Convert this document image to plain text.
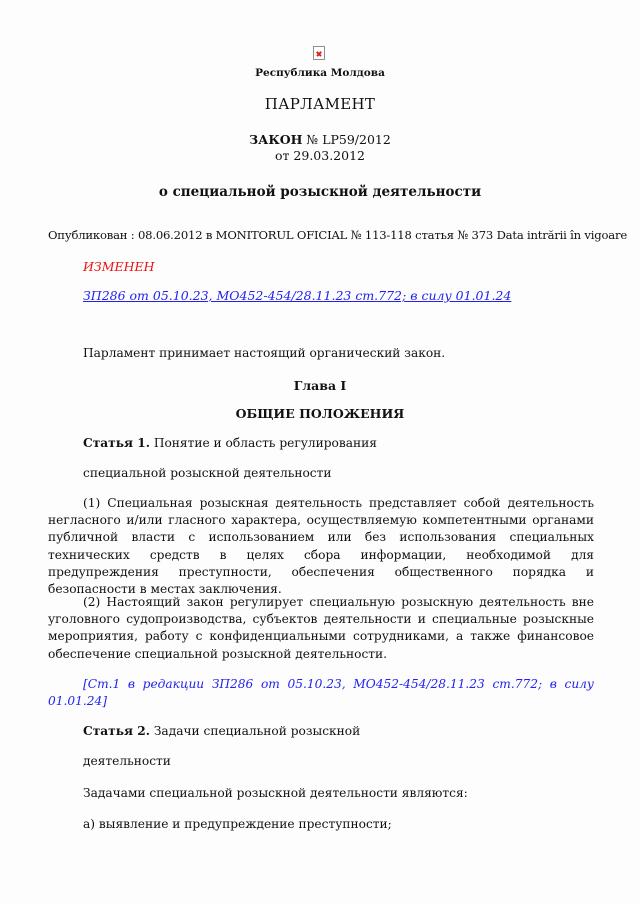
Республика Молдова
ПАРЛАМЕНТ
ЗАКОН № LP59/2012
от 29.03.2012
о специальной розыскной деятельности
Опубликован : 08.06.2012 в MONITORUL OFICIAL № 113-118 статья № 373 Data intrării în vigoare
ИЗМЕНЕН
ЗП286 от 05.10.23, МО452-454/28.11.23 ст.772; в силу 01.01.24
Парламент принимает настоящий органический закон.
Глава I
ОБЩИЕ ПОЛОЖЕНИЯ
Статья 1. Понятие и область регулирования
специальной розыскной деятельности
(1) Специальная розыскная деятельность представляет собой деятельность негласного и/или гласного характера, осуществляемую компетентными органами публичной власти с использованием или без использования специальных технических средств в целях сбора информации, необходимой для предупреждения преступности, обеспечения общественного порядка и безопасности в местах заключения.
(2) Настоящий закон регулирует специальную розыскную деятельность вне уголовного судопроизводства, субъектов деятельности и специальные розыскные мероприятия, работу с конфиденциальными сотрудниками, а также финансовое обеспечение специальной розыскной деятельности.
[Ст.1 в редакции ЗП286 от 05.10.23, МО452-454/28.11.23 ст.772; в силу 01.01.24]
Статья 2. Задачи специальной розыскной
деятельности
Задачами специальной розыскной деятельности являются:
а) выявление и предупреждение преступности;
